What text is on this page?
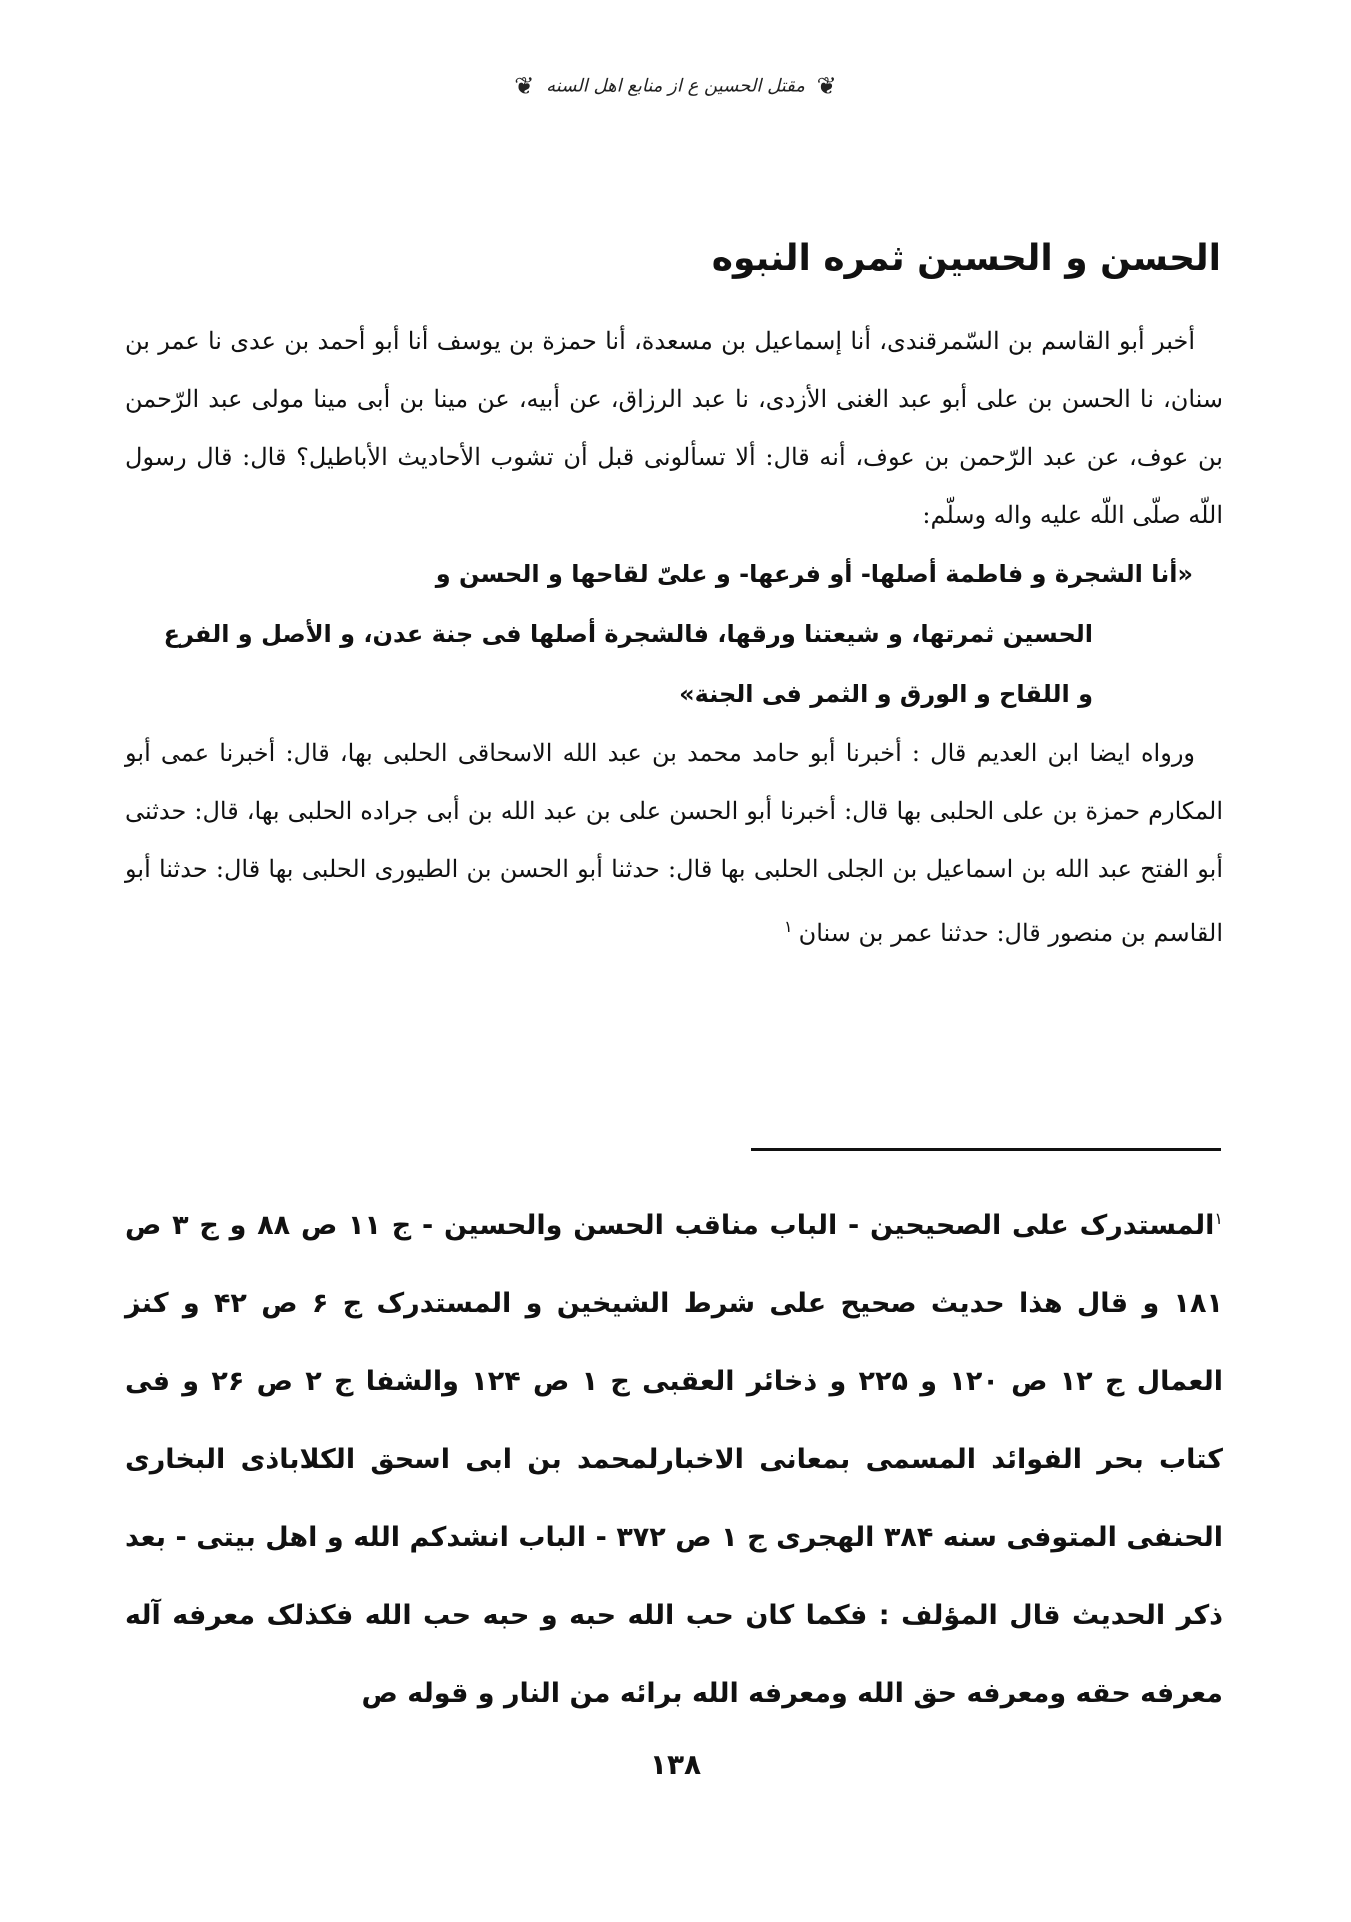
❦ مقتل الحسين ع از منابع اهل السنه ❦
الحسن و الحسين ثمره النبوه

أخبر أبو القاسم بن السّمرقندى، أنا إسماعيل بن مسعدة، أنا حمزة بن يوسف أنا أبو أحمد بن عدى نا عمر بن سنان، نا الحسن بن على أبو عبد الغنى الأزدى، نا عبد الرزاق، عن أبيه، عن مينا بن أبى مينا مولى عبد الرّحمن بن عوف، عن عبد الرّحمن بن عوف، أنه قال: ألا تسألونى قبل أن تشوب الأحاديث الأباطيل؟ قال: قال رسول اللّه صلّى اللّه عليه واله وسلّم:

«أنا الشجرة و فاطمة أصلها- أو فرعها- و علىّ لقاحها و الحسن و
الحسين ثمرتها، و شيعتنا ورقها، فالشجرة أصلها فى جنة عدن، و الأصل و الفرع
و اللقاح و الورق و الثمر فى الجنة»

ورواه ايضا ابن العديم قال : أخبرنا أبو حامد محمد بن عبد الله الاسحاقى الحلبى بها، قال: أخبرنا عمى أبو المكارم حمزة بن على الحلبى بها قال: أخبرنا أبو الحسن على بن عبد الله بن أبى جراده الحلبى بها، قال: حدثنى أبو الفتح عبد الله بن اسماعيل بن الجلى الحلبى بها قال: حدثنا أبو الحسن بن الطيورى الحلبى بها قال: حدثنا أبو القاسم بن منصور قال: حدثنا عمر بن سنان$^١$

$^١$المستدرک علی الصحیحین - الباب مناقب الحسن والحسين - ج ١١ ص ٨٨ و ج ٣ ص ١٨١ و قال هذا حديث صحيح على شرط الشيخين و المستدرک ج ۶ ص ۴٢ و كنز العمال ج ١٢ ص ١٢٠ و ٢٢۵ و ذخائر العقبى ج ١ ص ١٢۴ والشفا ج ٢ ص ٢۶ و فى كتاب بحر الفوائد المسمى بمعانى الاخبارلمحمد بن ابى اسحق الكلاباذى البخارى الحنفى المتوفى سنه ٣٨۴ الهجرى ج ١ ص ٣٧٢ - الباب انشدكم الله و اهل بيتى - بعد ذكر الحديث قال المؤلف : فكما كان حب الله حبه و حبه حب الله فكذلک معرفه آله معرفه حقه ومعرفه حق الله ومعرفه الله برائه من النار و قوله ص

١٣٨
